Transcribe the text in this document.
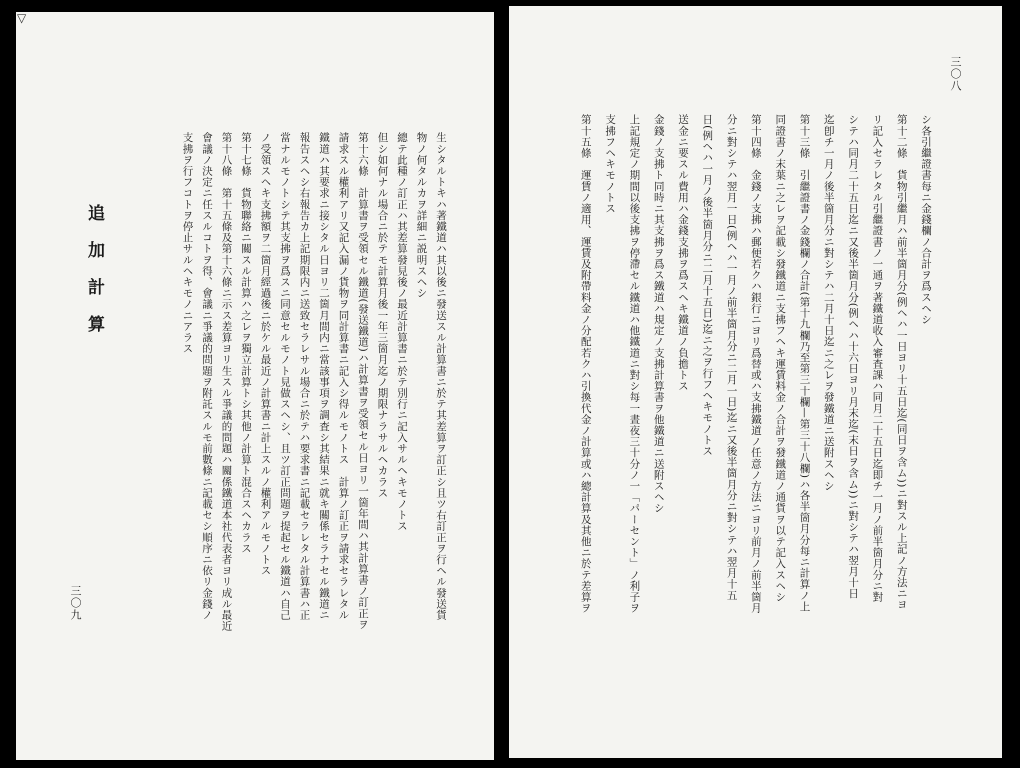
▽
生シタルトキハ著鐵道ハ其以後ニ發送スル計算書ニ於テ其差算ヲ訂正シ且ツ右訂正ヲ行ヘル發送貨
物ノ何タルカヲ詳細ニ説明スヘシ
總テ此種ノ訂正ハ其差算發見後ノ最近計算書ニ於テ別行ニ記入サルヘキモノトス
但シ如何ナル場合ニ於テモ計算月後一年三箇月迄ノ期限ナラサルヘカラス
第十六條　計算書ヲ受領セル鐵道(發送鐵道)ハ計算書ヲ受領セル日ヨリ一箇年間ハ其計算書ノ訂正ヲ
請求スル權利アリ又記入漏ノ貨物ヲ同計算書ニ記入シ得ルモノトス　計算ノ訂正ヲ請求セラレタル
鐵道ハ其要求ニ接シタル日ヨリ二箇月間内ニ當該事項ヲ調査シ其結果ニ就キ關係セラナセル鐵道ニ
報告スヘシ右報告カ上記期限内ニ送致セラレサル場合ニ於テハ要求書ニ記載セラレタル計算書ハ正
當ナルモノトシテ其支拂ヲ爲スニ同意セルモノト見做スヘシ、且ツ訂正問題ヲ提起セル鐵道ハ自己
ノ受領スヘキ支拂額ヲ二箇月經過後ニ於ケル最近ノ計算書ニ計上スルノ權利アルモノトス
第十七條　貨物聯絡ニ關スル計算ハ之レヲ獨立計算トシ其他ノ計算ト混合スヘカラス
第十八條　第十五條及第十六條ニ示ス差算ヨリ生スル爭議的問題ハ關係鐵道本社代表者ヨリ成ル最近
會議ノ決定ニ任スルコトヲ得、會議ニ爭議的問題ヲ附託スルモ前數條ニ記載セシ順序ニ依リ金錢ノ
支拂ヲ行フコトヲ停止サルヘキモノニアラス
追加計算
三〇九
シ各引繼證書每ニ金錢欄ノ合計ヲ爲スヘシ
第十二條　貨物引繼月ハ前半箇月分(例ヘハ一日ヨリ十五日迄(同日ヲ含ム))ニ對スル上記ノ方法ニヨ
リ記入セラレタル引繼證書ノ一通ヲ著鐵道收入審査課ハ同月二十五日迄即チ一月ノ前半箇月分ニ對
シテハ同月二十五日迄ニ又後半箇月分(例ヘハ十六日ヨリ月末迄(末日ヲ含ム))ニ對シテハ翌月十日
迄卽チ一月ノ後半箇月分ニ對シテハ二月十日迄ニ之レヲ發鐵道ニ送附スヘシ
第十三條　引繼證書ノ金錢欄ノ合計(第十九欄乃至第三十欄—第三十八欄)ハ各半箇月分每ニ計算ノ上
同證書ノ末葉ニ之レヲ記載シ發鐵道ニ支拂フヘキ運賃料金ノ合計ヲ發鐵道ノ通貨ヲ以テ記入スヘシ
第十四條　金錢ノ支拂ハ郵便若クハ銀行ニヨリ爲替或ハ支拂鐵道ノ任意ノ方法ニヨリ前月ノ前半箇月
分ニ對シテハ翌月一日(例ヘハ一月ノ前半箇月分ニ二月一日)迄ニ又後半箇月分ニ對シテハ翌月十五
日(例ヘハ一月ノ後半箇月分ニ二月十五日)迄ニ之ヲ行フヘキモノトス
送金ニ要スル費用ハ金錢支拂ヲ爲スヘキ鐵道ノ負擔トス
金錢ノ支拂ト同時ニ其支拂ヲ爲ス鐵道ハ規定ノ支拂計算書ヲ他鐵道ニ送附スヘシ
上記規定ノ期間以後支拂ヲ停滯セル鐵道ハ他鐵道ニ對シ每一晝夜三十分ノ一「パーセント」ノ利子ヲ
支拂フヘキモノトス
第十五條　運賃ノ適用、運賃及附帶料金ノ分配若クハ引換代金ノ計算或ハ總計算及其他ニ於テ差算ヲ
三〇八
